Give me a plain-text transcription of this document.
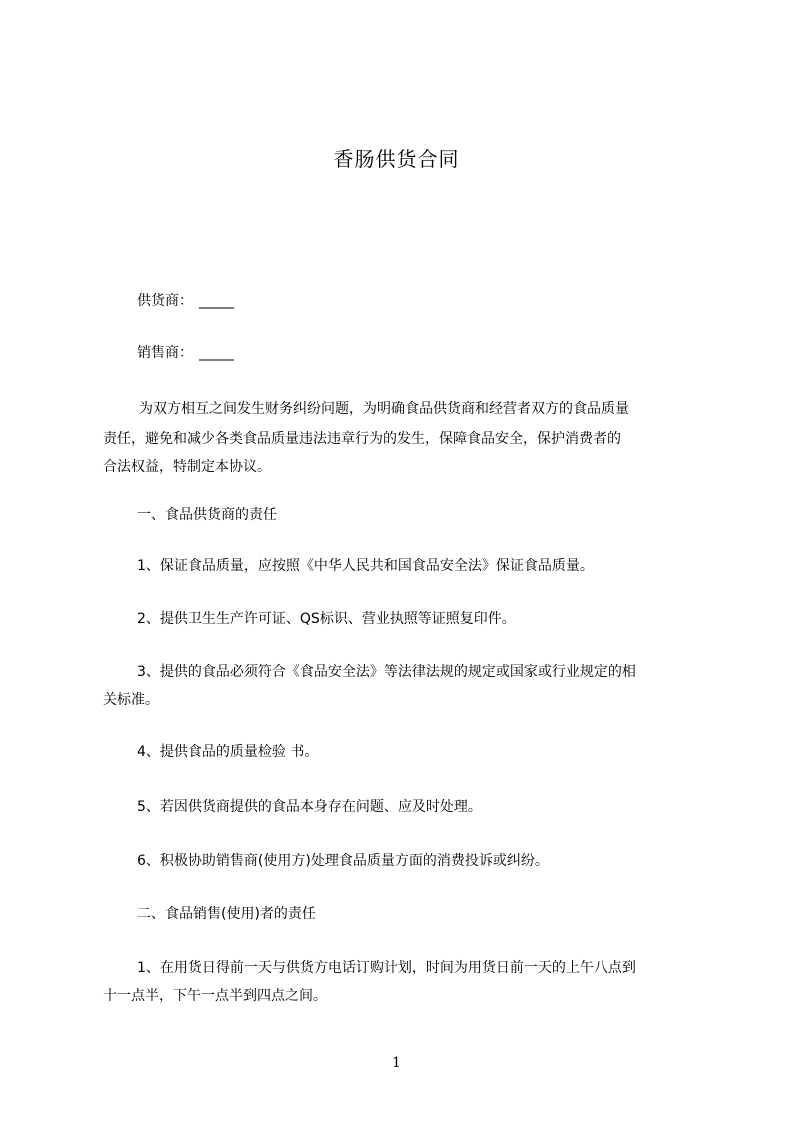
香肠供货合同
供货商： _____
销售商： _____
为双方相互之间发生财务纠纷问题，为明确食品供货商和经营者双方的食品质量
责任，避免和减少各类食品质量违法违章行为的发生，保障食品安全，保护消费者的
合法权益，特制定本协议。
一、食品供货商的责任
1、保证食品质量，应按照《中华人民共和国食品安全法》保证食品质量。
2、提供卫生生产许可证、QS标识、营业执照等证照复印件。
3、提供的食品必须符合《食品安全法》等法律法规的规定或国家或行业规定的相
关标准。
4、提供食品的质量检验 书。
5、若因供货商提供的食品本身存在问题、应及时处理。
6、积极协助销售商(使用方)处理食品质量方面的消费投诉或纠纷。
二、食品销售(使用)者的责任
1、在用货日得前一天与供货方电话订购计划，时间为用货日前一天的上午八点到
十一点半，下午一点半到四点之间。
1
